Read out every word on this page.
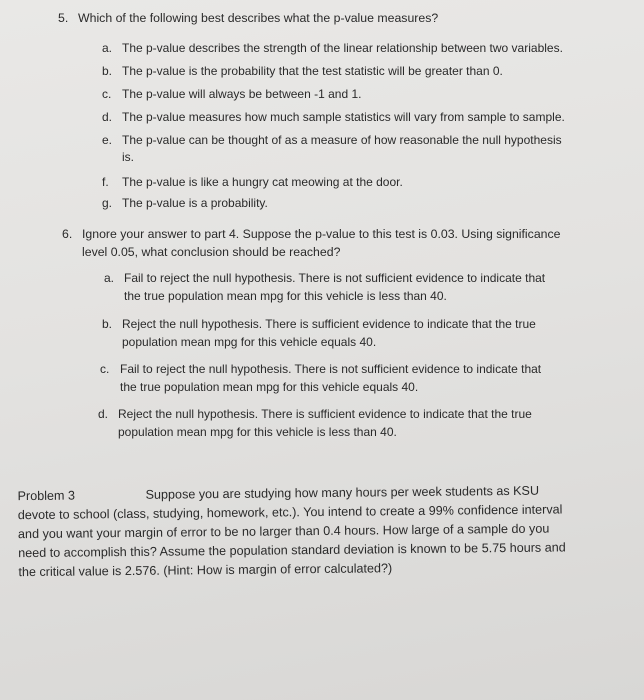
5. Which of the following best describes what the p-value measures?
a. The p-value describes the strength of the linear relationship between two variables.
b. The p-value is the probability that the test statistic will be greater than 0.
c. The p-value will always be between -1 and 1.
d. The p-value measures how much sample statistics will vary from sample to sample.
e. The p-value can be thought of as a measure of how reasonable the null hypothesis
is.
f. The p-value is like a hungry cat meowing at the door.
g. The p-value is a probability.
6. Ignore your answer to part 4. Suppose the p-value to this test is 0.03. Using significance
level 0.05, what conclusion should be reached?
a. Fail to reject the null hypothesis. There is not sufficient evidence to indicate that
the true population mean mpg for this vehicle is less than 40.
b. Reject the null hypothesis. There is sufficient evidence to indicate that the true
population mean mpg for this vehicle equals 40.
c. Fail to reject the null hypothesis. There is not sufficient evidence to indicate that
the true population mean mpg for this vehicle equals 40.
d. Reject the null hypothesis. There is sufficient evidence to indicate that the true
population mean mpg for this vehicle is less than 40.
Problem 3	Suppose you are studying how many hours per week students as KSU
devote to school (class, studying, homework, etc.). You intend to create a 99% confidence interval
and you want your margin of error to be no larger than 0.4 hours. How large of a sample do you
need to accomplish this? Assume the population standard deviation is known to be 5.75 hours and
the critical value is 2.576. (Hint: How is margin of error calculated?)
